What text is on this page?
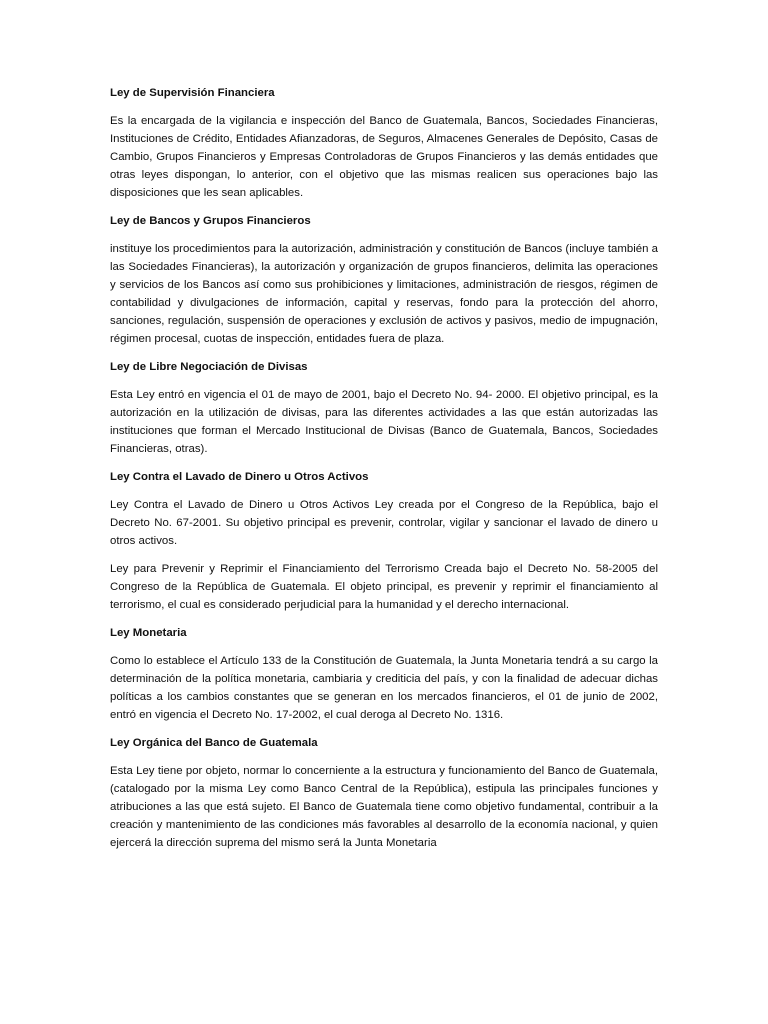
Ley de Supervisión Financiera

Es la encargada de la vigilancia e inspección del Banco de Guatemala, Bancos, Sociedades Financieras, Instituciones de Crédito, Entidades Afianzadoras, de Seguros, Almacenes Generales de Depósito, Casas de Cambio, Grupos Financieros y Empresas Controladoras de Grupos Financieros y las demás entidades que otras leyes dispongan, lo anterior, con el objetivo que las mismas realicen sus operaciones bajo las disposiciones que les sean aplicables.

Ley de Bancos y Grupos Financieros

instituye los procedimientos para la autorización, administración y constitución de Bancos (incluye también a las Sociedades Financieras), la autorización y organización de grupos financieros, delimita las operaciones y servicios de los Bancos así como sus prohibiciones y limitaciones, administración de riesgos, régimen de contabilidad y divulgaciones de información, capital y reservas, fondo para la protección del ahorro, sanciones, regulación, suspensión de operaciones y exclusión de activos y pasivos, medio de impugnación, régimen procesal, cuotas de inspección, entidades fuera de plaza.

Ley de Libre Negociación de Divisas

Esta Ley entró en vigencia el 01 de mayo de 2001, bajo el Decreto No. 94- 2000. El objetivo principal, es la autorización en la utilización de divisas, para las diferentes actividades a las que están autorizadas las instituciones que forman el Mercado Institucional de Divisas (Banco de Guatemala, Bancos, Sociedades Financieras, otras).

Ley Contra el Lavado de Dinero u Otros Activos

Ley Contra el Lavado de Dinero u Otros Activos Ley creada por el Congreso de la República, bajo el Decreto No. 67-2001. Su objetivo principal es prevenir, controlar, vigilar y sancionar el lavado de dinero u otros activos.

Ley para Prevenir y Reprimir el Financiamiento del Terrorismo Creada bajo el Decreto No. 58-2005 del Congreso de la República de Guatemala. El objeto principal, es prevenir y reprimir el financiamiento al terrorismo, el cual es considerado perjudicial para la humanidad y el derecho internacional.

Ley Monetaria

Como lo establece el Artículo 133 de la Constitución de Guatemala, la Junta Monetaria tendrá a su cargo la determinación de la política monetaria, cambiaria y crediticia del país, y con la finalidad de adecuar dichas políticas a los cambios constantes que se generan en los mercados financieros, el 01 de junio de 2002, entró en vigencia el Decreto No. 17-2002, el cual deroga al Decreto No. 1316.

Ley Orgánica del Banco de Guatemala

Esta Ley tiene por objeto, normar lo concerniente a la estructura y funcionamiento del Banco de Guatemala, (catalogado por la misma Ley como Banco Central de la República), estipula las principales funciones y atribuciones a las que está sujeto. El Banco de Guatemala tiene como objetivo fundamental, contribuir a la creación y mantenimiento de las condiciones más favorables al desarrollo de la economía nacional, y quien ejercerá la dirección suprema del mismo será la Junta Monetaria
